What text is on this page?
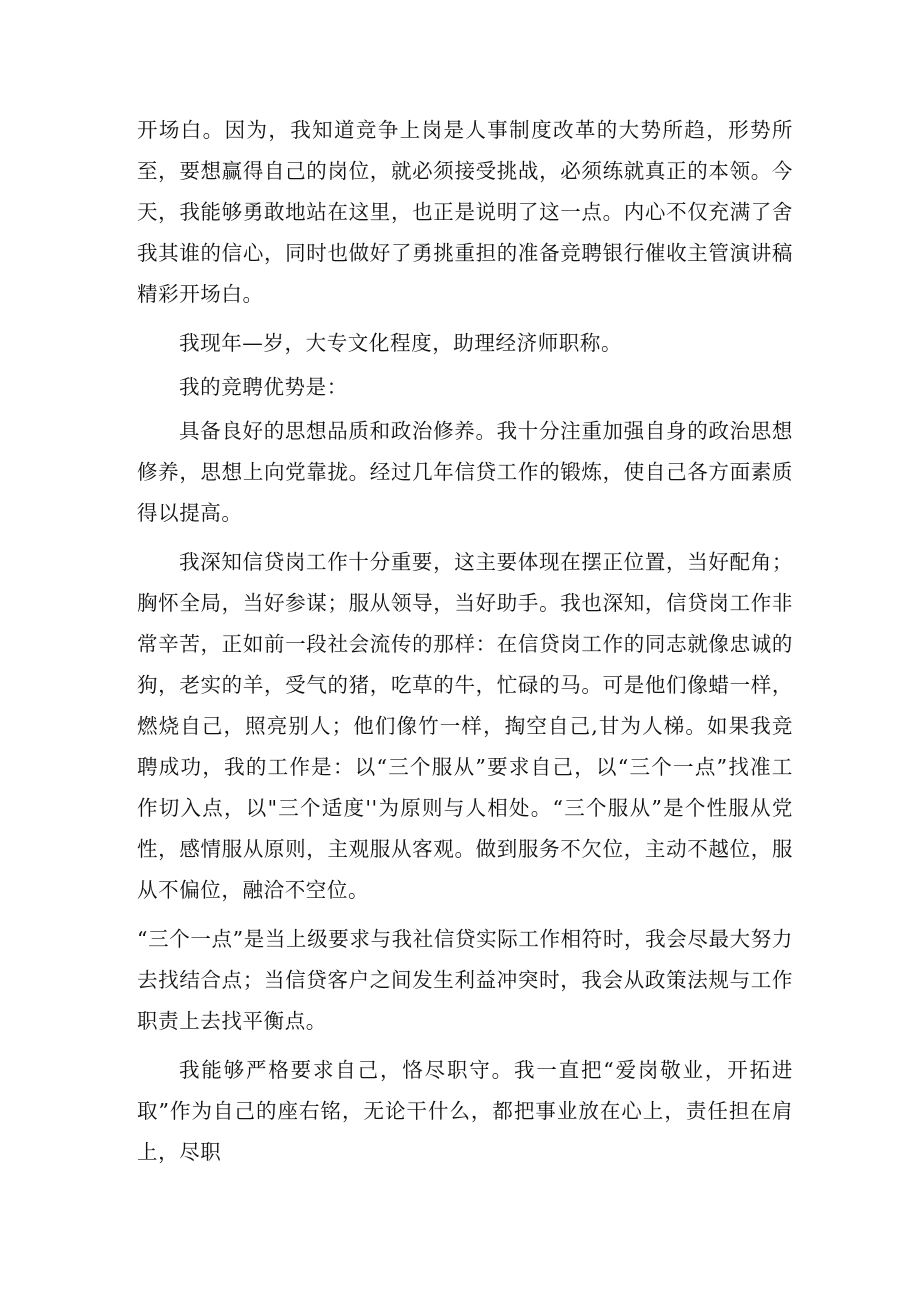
开场白。因为，我知道竞争上岗是人事制度改革的大势所趋，形势所至，要想赢得自己的岗位，就必须接受挑战，必须练就真正的本领。今天，我能够勇敢地站在这里，也正是说明了这一点。内心不仅充满了舍我其谁的信心，同时也做好了勇挑重担的准备竞聘银行催收主管演讲稿精彩开场白。

我现年—岁，大专文化程度，助理经济师职称。

我的竞聘优势是：

具备良好的思想品质和政治修养。我十分注重加强自身的政治思想修养，思想上向党靠拢。经过几年信贷工作的锻炼，使自己各方面素质得以提高。

我深知信贷岗工作十分重要，这主要体现在摆正位置，当好配角；胸怀全局，当好参谋；服从领导，当好助手。我也深知，信贷岗工作非常辛苦，正如前一段社会流传的那样：在信贷岗工作的同志就像忠诚的狗，老实的羊，受气的猪，吃草的牛，忙碌的马。可是他们像蜡一样，燃烧自己，照亮别人；他们像竹一样，掏空自己,甘为人梯。如果我竞聘成功，我的工作是：以“三个服从”要求自己，以“三个一点”找准工作切入点，以"三个适度''为原则与人相处。“三个服从”是个性服从党性，感情服从原则，主观服从客观。做到服务不欠位，主动不越位，服从不偏位，融洽不空位。

“三个一点”是当上级要求与我社信贷实际工作相符时，我会尽最大努力去找结合点；当信贷客户之间发生利益冲突时，我会从政策法规与工作职责上去找平衡点。

我能够严格要求自己，恪尽职守。我一直把“爱岗敬业，开拓进取”作为自己的座右铭，无论干什么，都把事业放在心上，责任担在肩上，尽职
